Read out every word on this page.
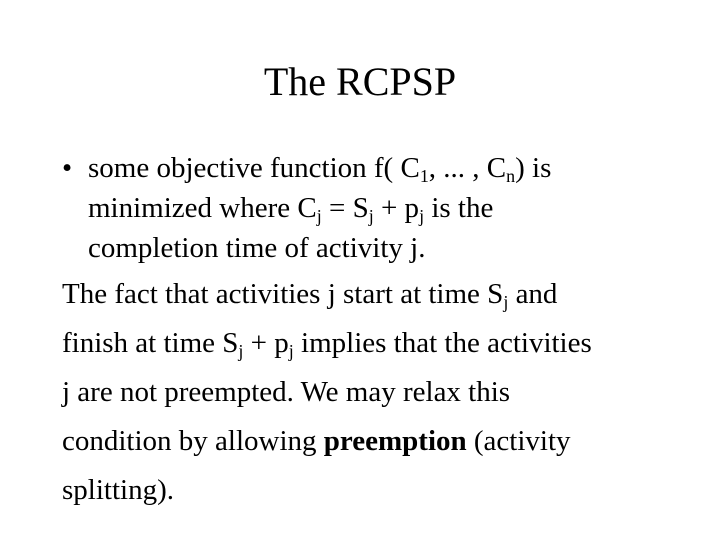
The RCPSP
• some objective function f( $C_1$, ... , $C_n$) is
minimized where $C_j = S_j + p_j$ is the
completion time of activity j.
The fact that activities j start at time $S_j$ and
finish at time $S_j + p_j$ implies that the activities
j are not preempted. We may relax this
condition by allowing preemption (activity
splitting).
